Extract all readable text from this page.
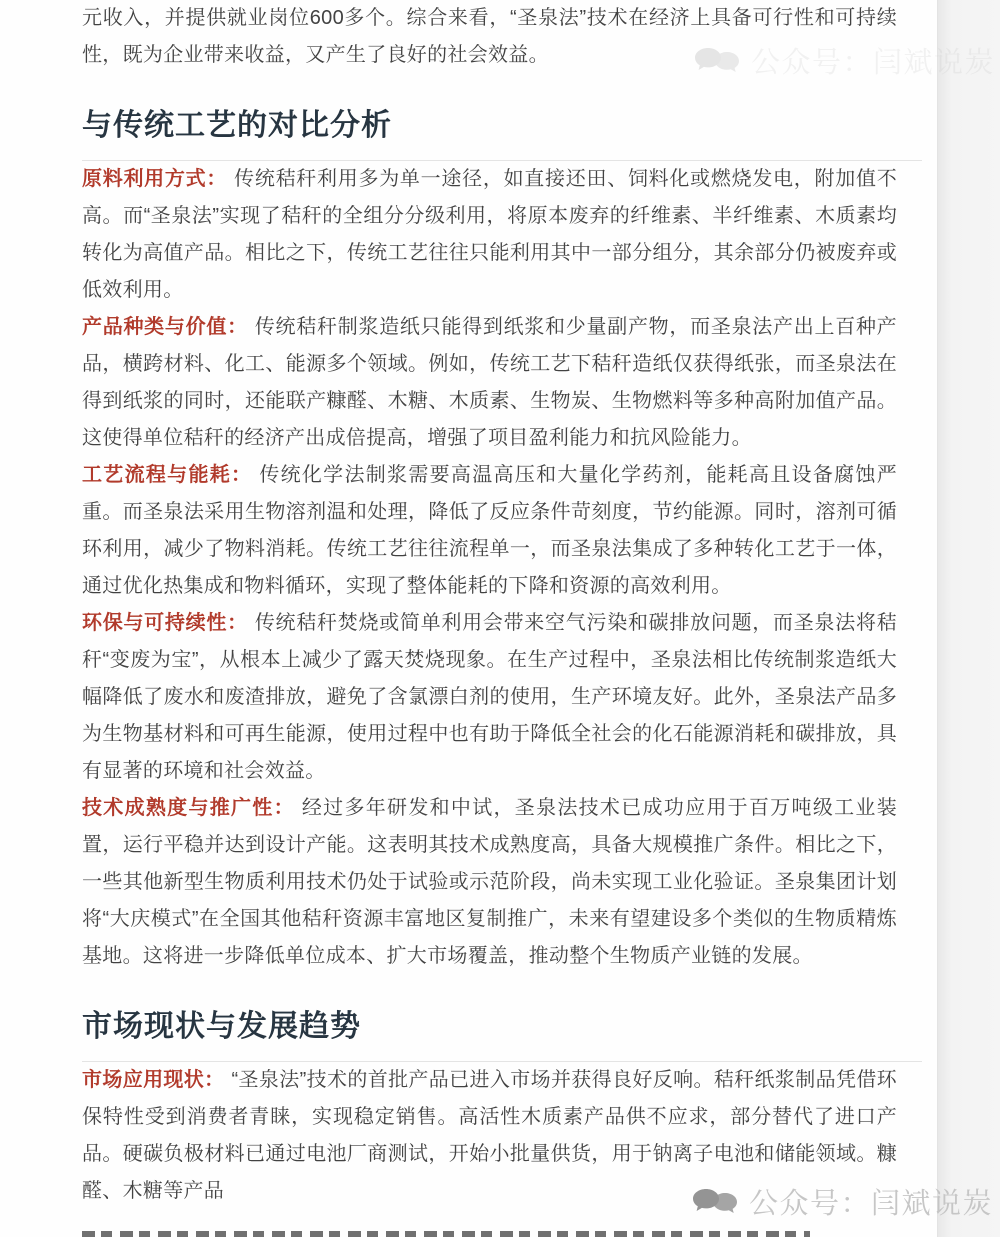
元收入，并提供就业岗位600多个。综合来看，“圣泉法”技术在经济上具备可行性和可持续性，既为企业带来收益，又产生了良好的社会效益。

与传统工艺的对比分析

原料利用方式： 传统秸秆利用多为单一途径，如直接还田、饲料化或燃烧发电，附加值不高。而“圣泉法”实现了秸秆的全组分分级利用，将原本废弃的纤维素、半纤维素、木质素均转化为高值产品。相比之下，传统工艺往往只能利用其中一部分组分，其余部分仍被废弃或低效利用。

产品种类与价值： 传统秸秆制浆造纸只能得到纸浆和少量副产物，而圣泉法产出上百种产品，横跨材料、化工、能源多个领域。例如，传统工艺下秸秆造纸仅获得纸张，而圣泉法在得到纸浆的同时，还能联产糠醛、木糖、木质素、生物炭、生物燃料等多种高附加值产品。这使得单位秸秆的经济产出成倍提高，增强了项目盈利能力和抗风险能力。

工艺流程与能耗： 传统化学法制浆需要高温高压和大量化学药剂，能耗高且设备腐蚀严重。而圣泉法采用生物溶剂温和处理，降低了反应条件苛刻度，节约能源。同时，溶剂可循环利用，减少了物料消耗。传统工艺往往流程单一，而圣泉法集成了多种转化工艺于一体，通过优化热集成和物料循环，实现了整体能耗的下降和资源的高效利用。

环保与可持续性： 传统秸秆焚烧或简单利用会带来空气污染和碳排放问题，而圣泉法将秸秆“变废为宝”，从根本上减少了露天焚烧现象。在生产过程中，圣泉法相比传统制浆造纸大幅降低了废水和废渣排放，避免了含氯漂白剂的使用，生产环境友好。此外，圣泉法产品多为生物基材料和可再生能源，使用过程中也有助于降低全社会的化石能源消耗和碳排放，具有显著的环境和社会效益。

技术成熟度与推广性： 经过多年研发和中试，圣泉法技术已成功应用于百万吨级工业装置，运行平稳并达到设计产能。这表明其技术成熟度高，具备大规模推广条件。相比之下，一些其他新型生物质利用技术仍处于试验或示范阶段，尚未实现工业化验证。圣泉集团计划将“大庆模式”在全国其他秸秆资源丰富地区复制推广，未来有望建设多个类似的生物质精炼基地。这将进一步降低单位成本、扩大市场覆盖，推动整个生物质产业链的发展。

市场现状与发展趋势

市场应用现状： “圣泉法”技术的首批产品已进入市场并获得良好反响。秸秆纸浆制品凭借环保特性受到消费者青睐，实现稳定销售。高活性木质素产品供不应求，部分替代了进口产品。硬碳负极材料已通过电池厂商测试，开始小批量供货，用于钠离子电池和储能领域。糠醛、木糖等产品

公众号：闫斌说炭
公众号：闫斌说炭
